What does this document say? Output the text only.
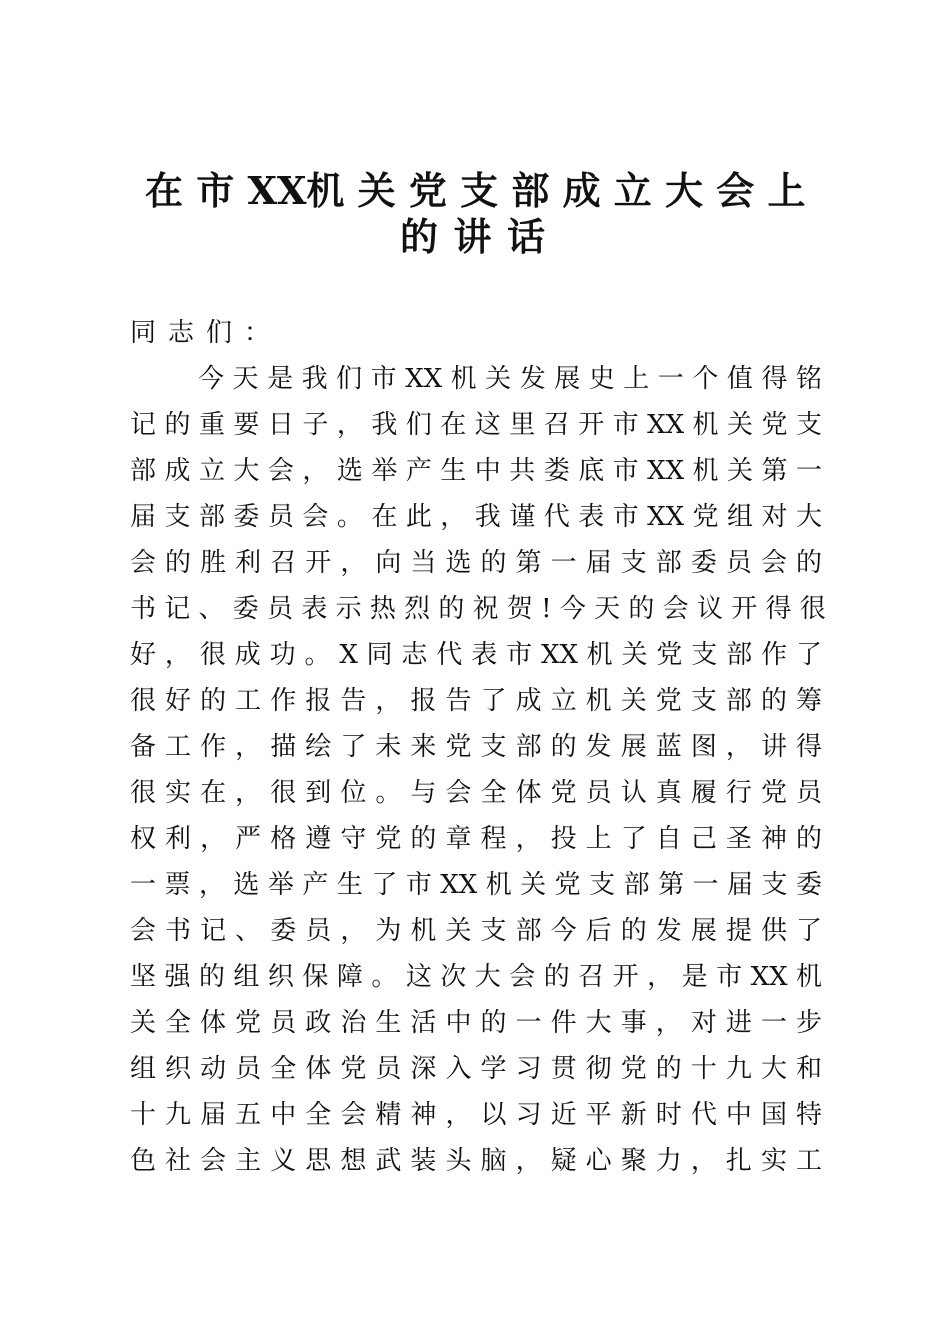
在 市 XX机 关 党 支 部 成 立 大 会 上
的 讲 话
同志们：
今 天 是 我 们 市 XX 机 关 发 展 史 上 一 个 值 得 铭
记 的 重 要 日 子 ， 我 们 在 这 里 召 开 市 XX 机 关 党 支
部 成 立 大 会 ， 选 举 产 生 中 共 娄 底 市 XX 机 关 第 一
届 支 部 委 员 会 。 在 此 ， 我 谨 代 表 市 XX 党 组 对 大
会 的 胜 利 召 开 ， 向 当 选 的 第 一 届 支 部 委 员 会 的
书 记 、 委 员 表 示 热 烈 的 祝 贺 ! 今 天 的 会 议 开 得 很
好 ， 很 成 功 。 X 同 志 代 表 市 XX 机 关 党 支 部 作 了
很 好 的 工 作 报 告 ， 报 告 了 成 立 机 关 党 支 部 的 筹
备 工 作 ， 描 绘 了 未 来 党 支 部 的 发 展 蓝 图 ， 讲 得
很 实 在 ， 很 到 位 。 与 会 全 体 党 员 认 真 履 行 党 员
权 利 ， 严 格 遵 守 党 的 章 程 ， 投 上 了 自 己 圣 神 的
一 票 ， 选 举 产 生 了 市 XX 机 关 党 支 部 第 一 届 支 委
会 书 记 、 委 员 ， 为 机 关 支 部 今 后 的 发 展 提 供 了
坚 强 的 组 织 保 障 。 这 次 大 会 的 召 开 ， 是 市 XX 机
关 全 体 党 员 政 治 生 活 中 的 一 件 大 事 ， 对 进 一 步
组 织 动 员 全 体 党 员 深 入 学 习 贯 彻 党 的 十 九 大 和
十 九 届 五 中 全 会 精 神 ， 以 习 近 平 新 时 代 中 国 特
色 社 会 主 义 思 想 武 装 头 脑 ， 疑 心 聚 力 ， 扎 实 工
